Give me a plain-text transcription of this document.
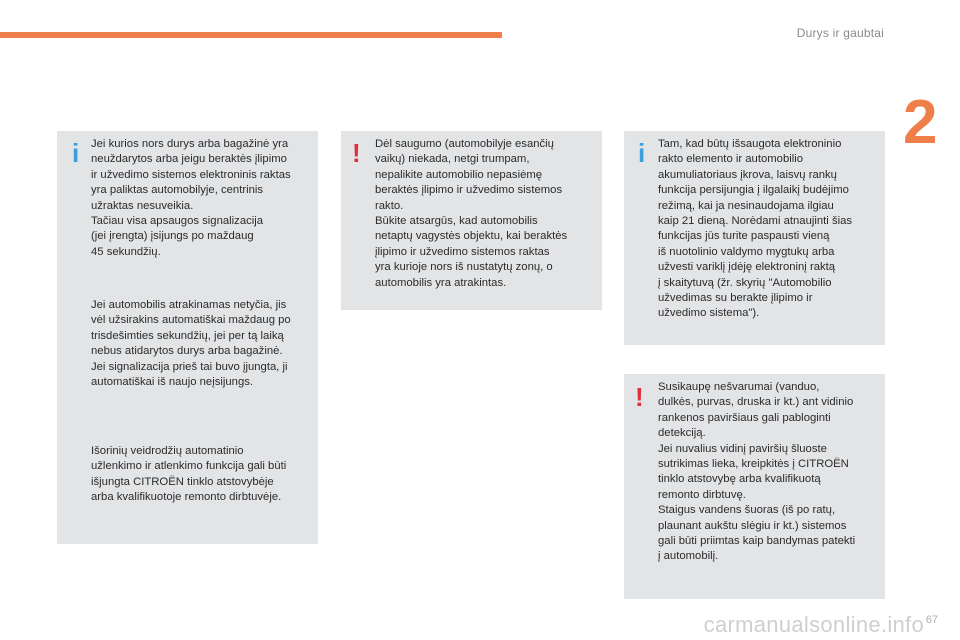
Durys ir gaubtai
2
i Jei kurios nors durys arba bagažinė yra
neuždarytos arba jeigu beraktės įlipimo
ir užvedimo sistemos elektroninis raktas
yra paliktas automobilyje, centrinis
užraktas nesuveikia.
Tačiau visa apsaugos signalizacija
(jei įrengta) įsijungs po maždaug
45 sekundžių.

Jei automobilis atrakinamas netyčia, jis
vėl užsirakins automatiškai maždaug po
trisdešimties sekundžių, jei per tą laiką
nebus atidarytos durys arba bagažinė.
Jei signalizacija prieš tai buvo įjungta, ji
automatiškai iš naujo neįsijungs.

Išorinių veidrodžių automatinio
užlenkimo ir atlenkimo funkcija gali būti
išjungta CITROËN tinklo atstovybėje
arba kvalifikuotoje remonto dirbtuvėje.

! Dėl saugumo (automobilyje esančių
vaikų) niekada, netgi trumpam,
nepalikite automobilio nepasiėmę
beraktės įlipimo ir užvedimo sistemos
rakto.
Būkite atsargūs, kad automobilis
netaptų vagystės objektu, kai beraktės
įlipimo ir užvedimo sistemos raktas
yra kurioje nors iš nustatytų zonų, o
automobilis yra atrakintas.

i Tam, kad būtų išsaugota elektroninio
rakto elemento ir automobilio
akumuliatoriaus įkrova, laisvų rankų
funkcija persijungia į ilgalaikį budėjimo
režimą, kai ja nesinaudojama ilgiau
kaip 21 dieną. Norėdami atnaujinti šias
funkcijas jūs turite paspausti vieną
iš nuotolinio valdymo mygtukų arba
užvesti variklį įdėję elektroninį raktą
į skaitytuvą (žr. skyrių "Automobilio
užvedimas su berakte įlipimo ir
užvedimo sistema").

! Susikaupę nešvarumai (vanduo,
dulkės, purvas, druska ir kt.) ant vidinio
rankenos paviršiaus gali pabloginti
detekciją.
Jei nuvalius vidinį paviršių šluoste
sutrikimas lieka, kreipkitės į CITROËN
tinklo atstovybę arba kvalifikuotą
remonto dirbtuvę.
Staigus vandens šuoras (iš po ratų,
plaunant aukštu slėgiu ir kt.) sistemos
gali būti priimtas kaip bandymas patekti
į automobilį.

67
carmanualsonline.info
